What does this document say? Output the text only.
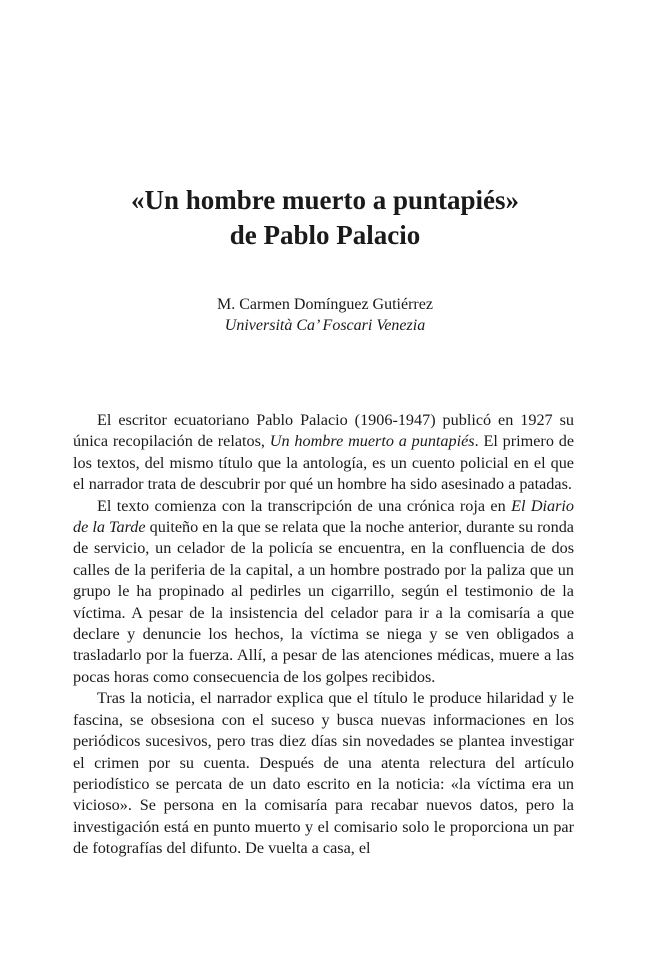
«Un hombre muerto a puntapiés»
de Pablo Palacio
M. Carmen Domínguez Gutiérrez
Università Ca’ Foscari Venezia

El escritor ecuatoriano Pablo Palacio (1906-1947) publicó en 1927 su única recopilación de relatos, Un hombre muerto a puntapiés. El primero de los textos, del mismo título que la antología, es un cuento policial en el que el narrador trata de descubrir por qué un hombre ha sido asesinado a patadas.

El texto comienza con la transcripción de una crónica roja en El Diario de la Tarde quiteño en la que se relata que la noche anterior, durante su ronda de servicio, un celador de la policía se encuentra, en la confluencia de dos calles de la periferia de la capital, a un hombre postrado por la paliza que un grupo le ha propinado al pedirles un cigarrillo, según el testimonio de la víctima. A pesar de la insistencia del celador para ir a la comisaría a que declare y denuncie los hechos, la víctima se niega y se ven obligados a trasladarlo por la fuerza. Allí, a pesar de las atenciones médicas, muere a las pocas horas como consecuencia de los golpes recibidos.

Tras la noticia, el narrador explica que el título le produce hilaridad y le fascina, se obsesiona con el suceso y busca nuevas informaciones en los periódicos sucesivos, pero tras diez días sin novedades se plantea investigar el crimen por su cuenta. Después de una atenta relectura del artículo periodístico se percata de un dato escrito en la noticia: «la víctima era un vicioso». Se persona en la comisaría para recabar nuevos datos, pero la investigación está en punto muerto y el comisario solo le proporciona un par de fotografías del difunto. De vuelta a casa, el
